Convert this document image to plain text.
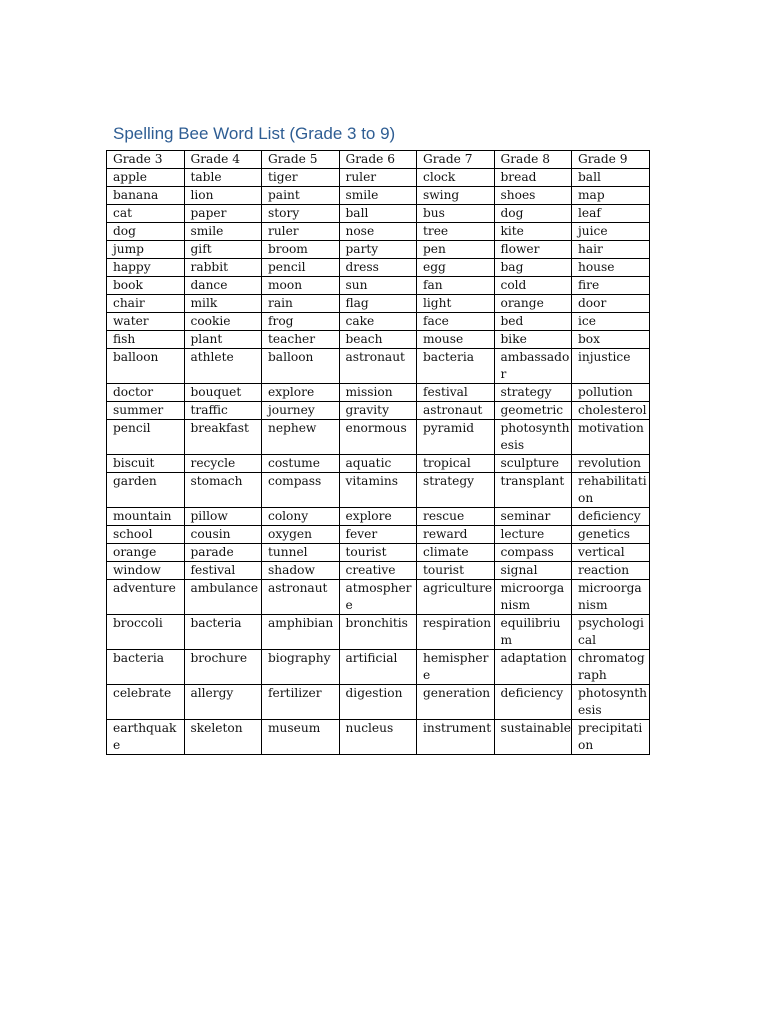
Spelling Bee Word List (Grade 3 to 9)
Grade 3	Grade 4	Grade 5	Grade 6	Grade 7	Grade 8	Grade 9
apple	table	tiger	ruler	clock	bread	ball
banana	lion	paint	smile	swing	shoes	map
cat	paper	story	ball	bus	dog	leaf
dog	smile	ruler	nose	tree	kite	juice
jump	gift	broom	party	pen	flower	hair
happy	rabbit	pencil	dress	egg	bag	house
book	dance	moon	sun	fan	cold	fire
chair	milk	rain	flag	light	orange	door
water	cookie	frog	cake	face	bed	ice
fish	plant	teacher	beach	mouse	bike	box
balloon	athlete	balloon	astronaut	bacteria	ambassador	injustice
doctor	bouquet	explore	mission	festival	strategy	pollution
summer	traffic	journey	gravity	astronaut	geometric	cholesterol
pencil	breakfast	nephew	enormous	pyramid	photosynthesis	motivation
biscuit	recycle	costume	aquatic	tropical	sculpture	revolution
garden	stomach	compass	vitamins	strategy	transplant	rehabilitation
mountain	pillow	colony	explore	rescue	seminar	deficiency
school	cousin	oxygen	fever	reward	lecture	genetics
orange	parade	tunnel	tourist	climate	compass	vertical
window	festival	shadow	creative	tourist	signal	reaction
adventure	ambulance	astronaut	atmosphere	agriculture	microorganism	microorganism
broccoli	bacteria	amphibian	bronchitis	respiration	equilibrium	psychological
bacteria	brochure	biography	artificial	hemisphere	adaptation	chromatograph
celebrate	allergy	fertilizer	digestion	generation	deficiency	photosynthesis
earthquake	skeleton	museum	nucleus	instrument	sustainable	precipitation
